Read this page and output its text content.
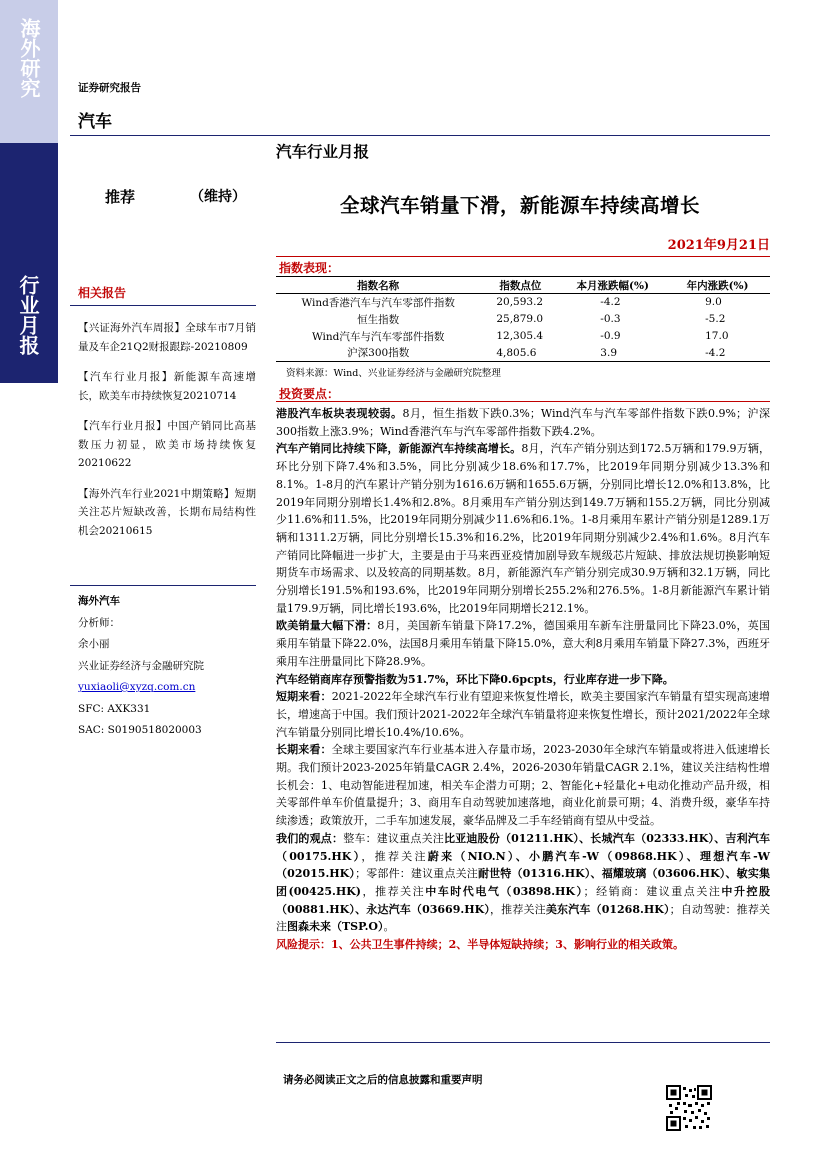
海外研究
行业月报
证券研究报告
汽车
汽车行业月报
推荐	（维持）	全球汽车销量下滑，新能源车持续高增长
2021年9月21日
相关报告

【兴证海外汽车周报】全球车市7月销量及车企21Q2财报跟踪-20210809

【汽车行业月报】新能源车高速增长，欧美车市持续恢复20210714

【汽车行业月报】中国产销同比高基数压力初显，欧美市场持续恢复20210622

【海外汽车行业2021中期策略】短期关注芯片短缺改善，长期布局结构性机会20210615

海外汽车
分析师：
余小丽
兴业证券经济与金融研究院
yuxiaoli@xyzq.com.cn
SFC: AXK331
SAC: S0190518020003
指数表现：
指数名称	指数点位	本月涨跌幅(%)	年内涨跌(%)
Wind香港汽车与汽车零部件指数	20,593.2	-4.2	9.0
恒生指数	25,879.0	-0.3	-5.2
Wind汽车与汽车零部件指数	12,305.4	-0.9	17.0
沪深300指数	4,805.6	3.9	-4.2
资料来源：Wind、兴业证券经济与金融研究院整理
投资要点：

港股汽车板块表现较弱。8月，恒生指数下跌0.3%；Wind汽车与汽车零部件指数下跌0.9%；沪深300指数上涨3.9%；Wind香港汽车与汽车零部件指数下跌4.2%。

汽车产销同比持续下降，新能源汽车持续高增长。8月，汽车产销分别达到172.5万辆和179.9万辆，环比分别下降7.4%和3.5%，同比分别减少18.6%和17.7%，比2019年同期分别减少13.3%和8.1%。1-8月的汽车累计产销分别为1616.6万辆和1655.6万辆，分别同比增长12.0%和13.8%，比2019年同期分别增长1.4%和2.8%。8月乘用车产销分别达到149.7万辆和155.2万辆，同比分别减少11.6%和11.5%，比2019年同期分别减少11.6%和6.1%。1-8月乘用车累计产销分别是1289.1万辆和1311.2万辆，同比分别增长15.3%和16.2%，比2019年同期分别减少2.4%和1.6%。8月汽车产销同比降幅进一步扩大，主要是由于马来西亚疫情加剧导致车规级芯片短缺、排放法规切换影响短期货车市场需求、以及较高的同期基数。8月，新能源汽车产销分别完成30.9万辆和32.1万辆，同比分别增长191.5%和193.6%，比2019年同期分别增长255.2%和276.5%。1-8月新能源汽车累计销量179.9万辆，同比增长193.6%，比2019年同期增长212.1%。

欧美销量大幅下滑：8月，美国新车销量下降17.2%，德国乘用车新车注册量同比下降23.0%，英国乘用车销量下降22.0%，法国8月乘用车销量下降15.0%，意大利8月乘用车销量下降27.3%，西班牙乘用车注册量同比下降28.9%。

汽车经销商库存预警指数为51.7%，环比下降0.6pcpts，行业库存进一步下降。

短期来看：2021-2022年全球汽车行业有望迎来恢复性增长，欧美主要国家汽车销量有望实现高速增长，增速高于中国。我们预计2021-2022年全球汽车销量将迎来恢复性增长，预计2021/2022年全球汽车销量分别同比增长10.4%/10.6%。

长期来看：全球主要国家汽车行业基本进入存量市场，2023-2030年全球汽车销量或将进入低速增长期。我们预计2023-2025年销量CAGR 2.4%，2026-2030年销量CAGR 2.1%，建议关注结构性增长机会：1、电动智能进程加速，相关车企潜力可期；2、智能化+轻量化+电动化推动产品升级，相关零部件单车价值量提升；3、商用车自动驾驶加速落地，商业化前景可期；4、消费升级，豪华车持续渗透；政策放开，二手车加速发展，豪华品牌及二手车经销商有望从中受益。

我们的观点：整车：建议重点关注比亚迪股份（01211.HK）、长城汽车（02333.HK）、吉利汽车（00175.HK），推荐关注蔚来（NIO.N）、小鹏汽车-W（09868.HK）、理想汽车-W（02015.HK）；零部件：建议重点关注耐世特（01316.HK）、福耀玻璃（03606.HK）、敏实集团(00425.HK)，推荐关注中车时代电气（03898.HK）；经销商：建议重点关注中升控股（00881.HK）、永达汽车（03669.HK），推荐关注美东汽车（01268.HK）；自动驾驶：推荐关注图森未来（TSP.O）。

风险提示：1、公共卫生事件持续；2、半导体短缺持续；3、影响行业的相关政策。

请务必阅读正文之后的信息披露和重要声明
